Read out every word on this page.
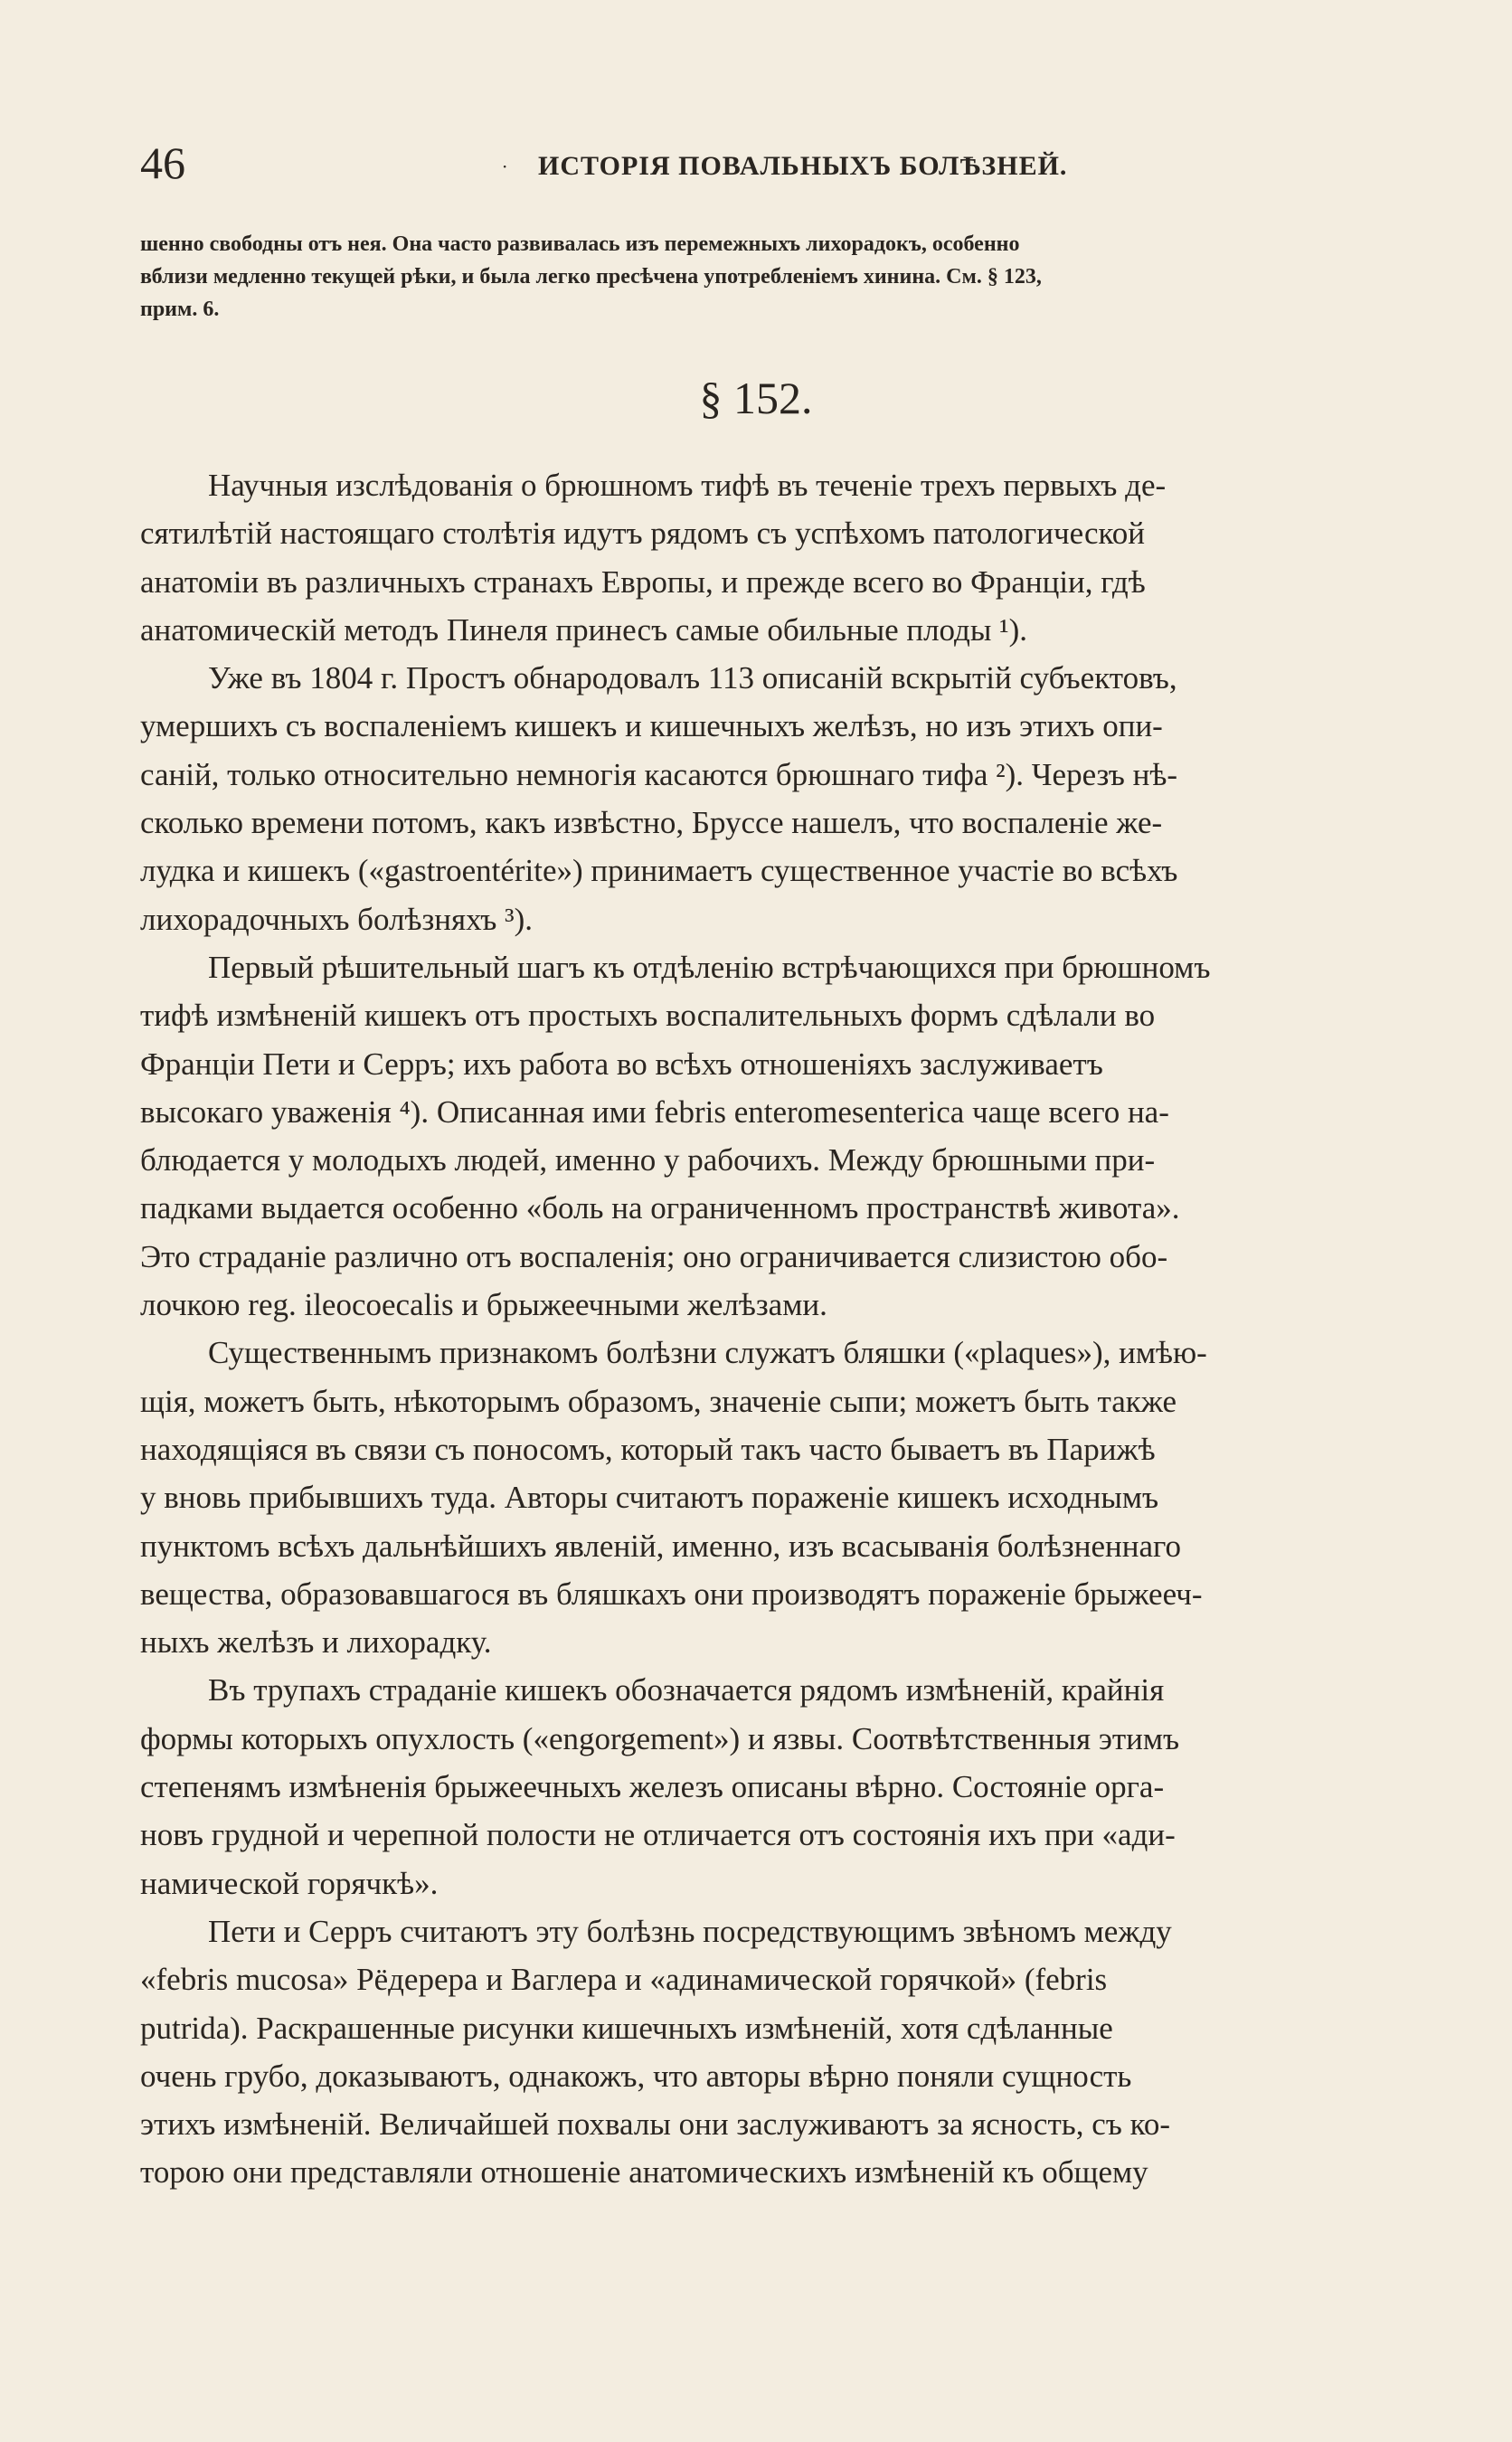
46	· ИСТОРІЯ ПОВАЛЬНЫХЪ БОЛѢЗНЕЙ.
шенно свободны отъ нея. Она часто развивалась изъ перемежныхъ лихорадокъ, особенно
вблизи медленно текущей рѣки, и была легко пресѣчена употребленіемъ хинина. См. § 123,
прим. 6.
§ 152.
Научныя изслѣдованія о брюшномъ тифѣ въ теченіе трехъ первыхъ де-
сятилѣтій настоящаго столѣтія идутъ рядомъ съ успѣхомъ патологической
анатоміи въ различныхъ странахъ Европы, и прежде всего во Франціи, гдѣ
анатомическій методъ Пинеля принесъ самые обильные плоды ¹).
Уже въ 1804 г. Простъ обнародовалъ 113 описаній вскрытій субъектовъ,
умершихъ съ воспаленіемъ кишекъ и кишечныхъ желѣзъ, но изъ этихъ опи-
саній, только относительно немногія касаются брюшнаго тифа ²). Черезъ нѣ-
сколько времени потомъ, какъ извѣстно, Бруссе нашелъ, что воспаленіе же-
лудка и кишекъ («gastroentérite») принимаетъ существенное участіе во всѣхъ
лихорадочныхъ болѣзняхъ ³).
Первый рѣшительный шагъ къ отдѣленію встрѣчающихся при брюшномъ
тифѣ измѣненій кишекъ отъ простыхъ воспалительныхъ формъ сдѣлали во
Франціи Пети и Серръ; ихъ работа во всѣхъ отношеніяхъ заслуживаетъ
высокаго уваженія ⁴). Описанная ими febris enteromesenterica чаще всего на-
блюдается у молодыхъ людей, именно у рабочихъ. Между брюшными при-
падками выдается особенно «боль на ограниченномъ пространствѣ живота».
Это страданіе различно отъ воспаленія; оно ограничивается слизистою обо-
лочкою reg. ileocoecalis и брыжеечными желѣзами.
Существеннымъ признакомъ болѣзни служатъ бляшки («plaques»), имѣю-
щія, можетъ быть, нѣкоторымъ образомъ, значеніе сыпи; можетъ быть также
находящіяся въ связи съ поносомъ, который такъ часто бываетъ въ Парижѣ
у вновь прибывшихъ туда. Авторы считаютъ пораженіе кишекъ исходнымъ
пунктомъ всѣхъ дальнѣйшихъ явленій, именно, изъ всасыванія болѣзненнаго
вещества, образовавшагося въ бляшкахъ они производятъ пораженіе брыжееч-
ныхъ желѣзъ и лихорадку.
Въ трупахъ страданіе кишекъ обозначается рядомъ измѣненій, крайнія
формы которыхъ опухлость («engorgement») и язвы. Соотвѣтственныя этимъ
степенямъ измѣненія брыжеечныхъ железъ описаны вѣрно. Состояніе орга-
новъ грудной и черепной полости не отличается отъ состоянія ихъ при «ади-
намической горячкѣ».
Пети и Серръ считаютъ эту болѣзнь посредствующимъ звѣномъ между
«febris mucosa» Рёдерера и Ваглера и «адинамической горячкой» (febris
putrida). Раскрашенные рисунки кишечныхъ измѣненій, хотя сдѣланные
очень грубо, доказываютъ, однакожъ, что авторы вѣрно поняли сущность
этихъ измѣненій. Величайшей похвалы они заслуживаютъ за ясность, съ ко-
торою они представляли отношеніе анатомическихъ измѣненій къ общему
